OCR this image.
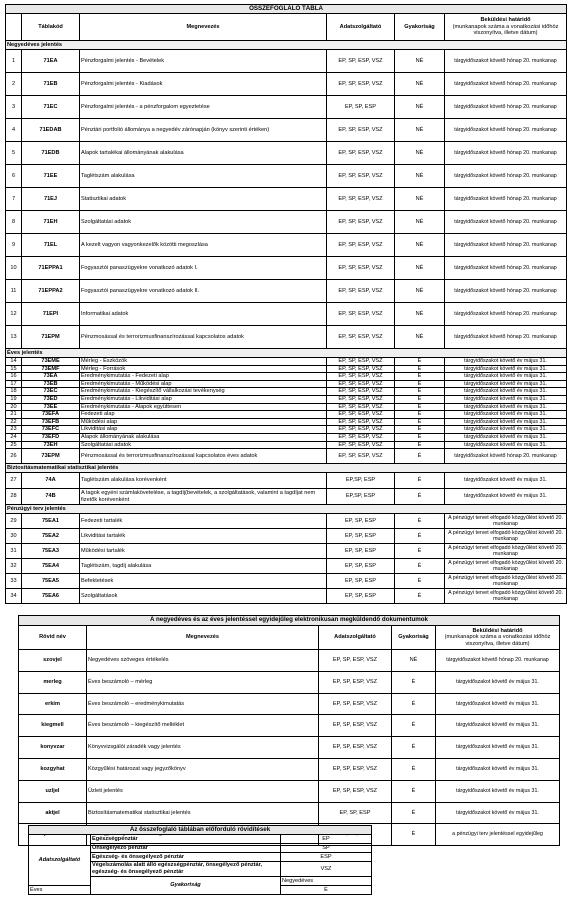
ÖSSZEFOGLALÓ TÁBLA					
	Táblakód	Megnevezés	Adatszolgáltató	Gyakoriság	Beküldési határidő
(munkanapok száma a vonatkozási időhöz viszonyítva, illetve dátum)

Negyedéves jelentés					
1	71EA	Pénzforgalmi jelentés - Bevételek	EP, SP, ESP, VSZ	NÉ	tárgyidőszakot követő hónap 20. munkanap
2	71EB	Pénzforgalmi jelentés - Kiadások	EP, SP, ESP, VSZ	NÉ	tárgyidőszakot követő hónap 20. munkanap
3	71EC	Pénzforgalmi jelentés - a pénzforgalom egyeztetése	EP, SP, ESP	NÉ	tárgyidőszakot követő hónap 20. munkanap
4	71EDAB	Pénztári portfolió állománya a negyedév zárónapján (könyv szerinti értéken)	EP, SP, ESP, VSZ	NÉ	tárgyidőszakot követő hónap 20. munkanap
5	71EDB	Alapok tartalékai állományának alakulása	EP, SP, ESP, VSZ	NÉ	tárgyidőszakot követő hónap 20. munkanap
6	71EE	Taglétszám alakulása	EP, SP, ESP, VSZ	NÉ	tárgyidőszakot követő hónap 20. munkanap
7	71EJ	Statisztikai adatok	EP, SP, ESP, VSZ	NÉ	tárgyidőszakot követő hónap 20. munkanap
8	71EH	Szolgáltatási adatok	EP, SP, ESP, VSZ	NÉ	tárgyidőszakot követő hónap 20. munkanap
9	71EL	A kezelt vagyon vagyonkezelők közötti megoszlása	EP, SP, ESP, VSZ	NÉ	tárgyidőszakot követő hónap 20. munkanap
10	71EPPA1	Fogyasztói panaszügyekre vonatkozó adatok I.	EP, SP, ESP, VSZ	NÉ	tárgyidőszakot követő hónap 20. munkanap
11	71EPPA2	Fogyasztói panaszügyekre vonatkozó adatok II.	EP, SP, ESP, VSZ	NÉ	tárgyidőszakot követő hónap 20. munkanap
12	71EPI	Informatikai adatok	EP, SP, ESP, VSZ	NÉ	tárgyidőszakot követő hónap 20. munkanap
13	71EPM	Pénzmosással és terrorizmusfinanszírozással kapcsolatos adatok	EP, SP, ESP, VSZ	NÉ	tárgyidőszakot követő hónap 20. munkanap
Éves jelentés					
14	73EME	Mérleg - Eszközök	EP, SP, ESP, VSZ	É	tárgyidőszakot követő év május 31.
15	73EMF	Mérleg - Források	EP, SP, ESP, VSZ	É	tárgyidőszakot követő év május 31.
16	73EA	Eredménykimutatás - Fedezeti alap	EP, SP, ESP, VSZ	É	tárgyidőszakot követő év május 31.
17	73EB	Eredménykimutatás - Működési alap	EP, SP, ESP, VSZ	É	tárgyidőszakot követő év május 31.
18	73EC	Eredménykimutatás - Kiegészítő vállalkozási tevékenység	EP, SP, ESP, VSZ	É	tárgyidőszakot követő év május 31.
19	73ED	Eredménykimutatás - Likviditási alap	EP, SP, ESP, VSZ	É	tárgyidőszakot követő év május 31.
20	73EE	Eredménykimutatás - Alapok együttesen	EP, SP, ESP, VSZ	É	tárgyidőszakot követő év május 31.
21	73EFA	Fedezeti alap	EP, SP, ESP, VSZ	É	tárgyidőszakot követő év május 31.
22	73EFB	Működési alap	EP, SP, ESP, VSZ	É	tárgyidőszakot követő év május 31.
23	73EFC	Likviditási alap	EP, SP, ESP, VSZ	É	tárgyidőszakot követő év május 31.
24	73EFD	Alapok állományának alakulása	EP, SP, ESP, VSZ	É	tárgyidőszakot követő év május 31.
25	73EH	Szolgáltatási adatok	EP, SP, ESP, VSZ	É	tárgyidőszakot követő év május 31.
26	73EPM	Pénzmosással és terrorizmusfinanszírozással kapcsolatos éves adatok	EP, SP, ESP, VSZ	É	tárgyidőszakot követő hónap 20. munkanap
Biztosításmatematikai statisztikai jelentés					
27	74A	Taglétszám alakulása korévenként	EP,SP, ESP	É	tárgyidőszakot követő év május 31.
28	74B	A tagok egyéni számlakövetelése, a tagdíj(bevételek, a szolgáltatások, valamint a tagdíjat nem fizetők korévenként	EP,SP, ESP	É	tárgyidőszakot követő év május 31.
Pénzügyi terv jelentés					
29	75EA1	Fedezeti tartalék	EP, SP, ESP	É	A pénzügyi tervet elfogadó közgyűlést követő 20. munkanap
30	75EA2	Likviditási tartalék	EP, SP, ESP	É	A pénzügyi tervet elfogadó közgyűlést követő 20. munkanap
31	75EA3	Működési tartalék	EP, SP, ESP	É	A pénzügyi tervet elfogadó közgyűlést követő 20. munkanap
32	75EA4	Taglétszám, tagdíj alakulása	EP, SP, ESP	É	A pénzügyi tervet elfogadó közgyűlést követő 20. munkanap
33	75EA5	Befektetések	EP, SP, ESP	É	A pénzügyi tervet elfogadó közgyűlést követő 20. munkanap
34	75EA6	Szolgáltatások	EP, SP, ESP	É	A pénzügyi tervet elfogadó közgyűlést követő 20. munkanap
A negyedéves és az éves jelentéssel egyidejűleg elektronikusan megküldendő dokumentumok				
Rövid név	Megnevezés	Adatszolgáltató	Gyakoriság	Beküldési határidő
(munkanapok száma a vonatkozási időhöz viszonyítva, illetve dátum)

szovjel	Negyedéves szöveges értékelés	EP, SP, ESP, VSZ	NÉ	tárgyidőszakot követő hónap 20. munkanap
merleg	Éves beszámoló – mérleg	EP, SP, ESP, VSZ	É	tárgyidőszakot követő év május 31.
erkim	Éves beszámoló – eredménykimutatás	EP, SP, ESP, VSZ	É	tárgyidőszakot követő év május 31.
kiegmell	Éves beszámoló – kiegészítő melléklet	EP, SP, ESP, VSZ	É	tárgyidőszakot követő év május 31.
konyvzar	Könyvvizsgálói záradék vagy jelentés	EP, SP, ESP, VSZ	É	tárgyidőszakot követő év május 31.
kozgyhat	Közgyűlési határozat vagy jegyzőkönyv	EP, SP, ESP, VSZ	É	tárgyidőszakot követő év május 31.
uzljel	Üzleti jelentés	EP, SP, ESP, VSZ	É	tárgyidőszakot követő év május 31.
aktjel	Biztosításmatematikai statisztikai jelentés	EP, SP, ESP	É	tárgyidőszakot követő év május 31.
			É	a pénzügyi terv jelentéssel egyidejűleg
Az összefoglaló táblában előforduló rövidítések			
Adatszolgáltató	Egészségpénztár	EP	
	Önsegélyező pénztár	SP	
	Egészség- és önsegélyező pénztár	ESP	
	Végelszámolás alatt álló egészségpénztár, önsegélyező pénztár, egészség- és önsegélyező pénztár	VSZ	
	Gyakoriság	Negyedéves	
Éves		É	
